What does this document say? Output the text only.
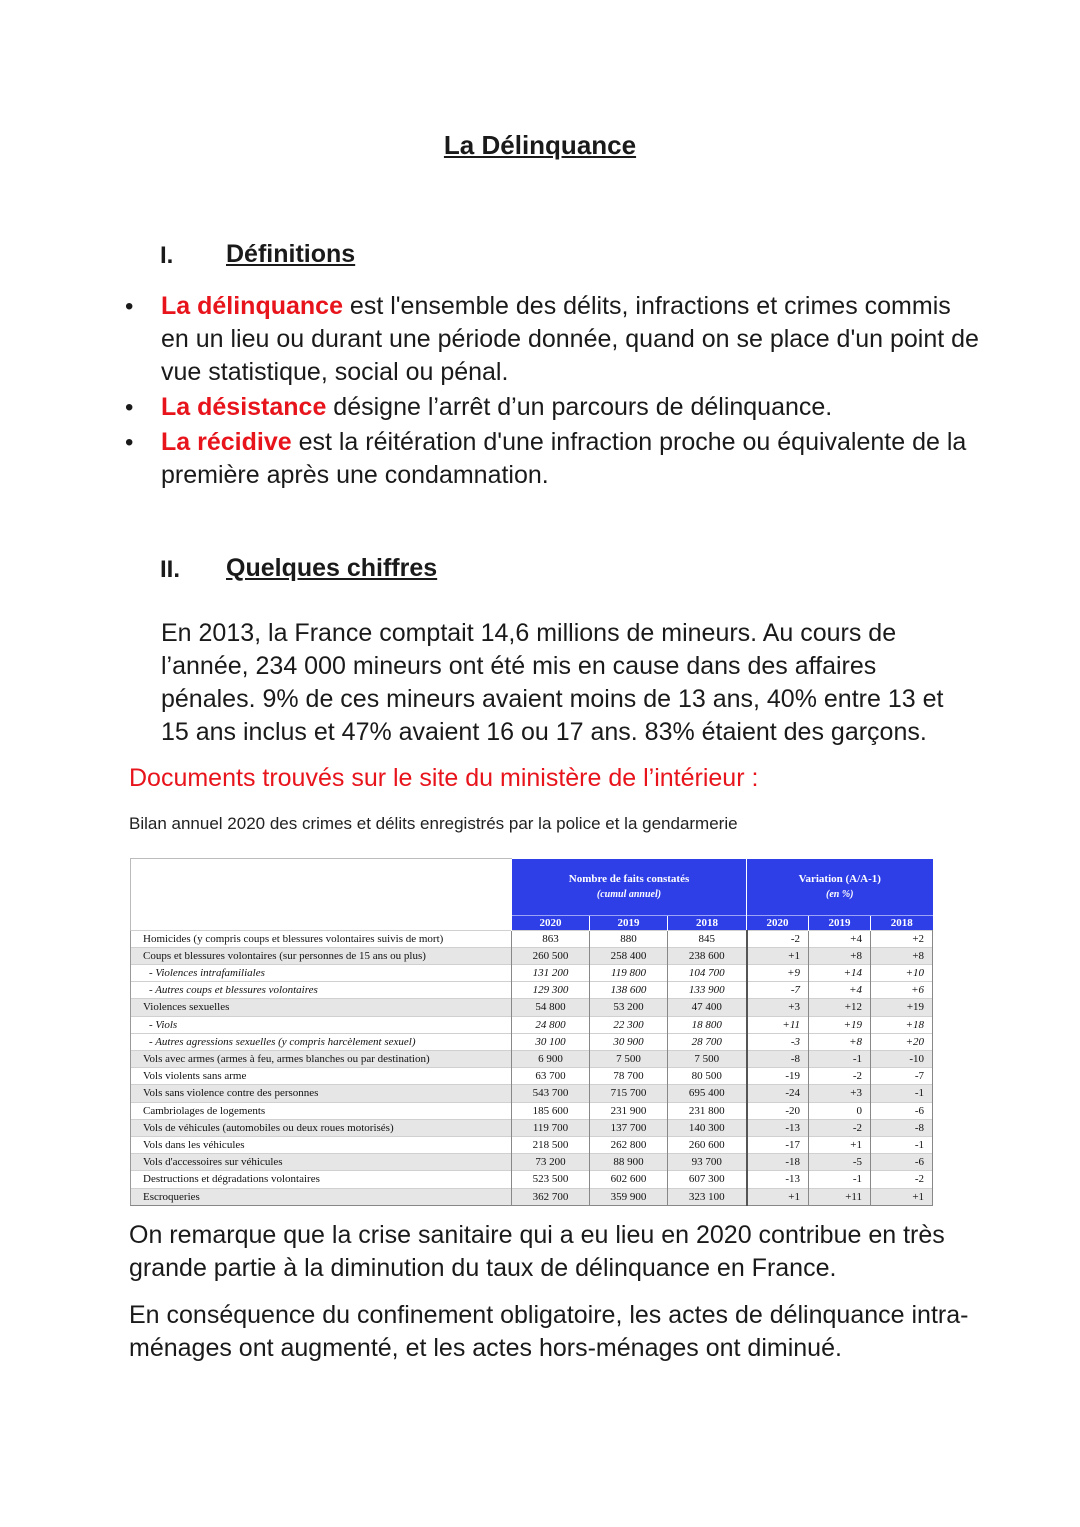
La Délinquance
I. Définitions
• La délinquance est l'ensemble des délits, infractions et crimes commis en un lieu ou durant une période donnée, quand on se place d'un point de vue statistique, social ou pénal.
• La désistance désigne l’arrêt d’un parcours de délinquance.
• La récidive est la réitération d'une infraction proche ou équivalente de la première après une condamnation.
II. Quelques chiffres
En 2013, la France comptait 14,6 millions de mineurs. Au cours de l’année, 234 000 mineurs ont été mis en cause dans des affaires pénales. 9% de ces mineurs avaient moins de 13 ans, 40% entre 13 et 15 ans inclus et 47% avaient 16 ou 17 ans. 83% étaient des garçons.
Documents trouvés sur le site du ministère de l’intérieur :
Bilan annuel 2020 des crimes et délits enregistrés par la police et la gendarmerie
	Nombre de faits constatés
(cumul annuel)			Variation (A/A-1)
(en %)		

	2020	2019	2018	2020	2019	2018
Homicides (y compris coups et blessures volontaires suivis de mort)	863	880	845	-2	+4	+2
Coups et blessures volontaires (sur personnes de 15 ans ou plus)	260 500	258 400	238 600	+1	+8	+8
- Violences intrafamiliales	131 200	119 800	104 700	+9	+14	+10
- Autres coups et blessures volontaires	129 300	138 600	133 900	-7	+4	+6
Violences sexuelles	54 800	53 200	47 400	+3	+12	+19
- Viols	24 800	22 300	18 800	+11	+19	+18
- Autres agressions sexuelles (y compris harcèlement sexuel)	30 100	30 900	28 700	-3	+8	+20
Vols avec armes (armes à feu, armes blanches ou par destination)	6 900	7 500	7 500	-8	-1	-10
Vols violents sans arme	63 700	78 700	80 500	-19	-2	-7
Vols sans violence contre des personnes	543 700	715 700	695 400	-24	+3	-1
Cambriolages de logements	185 600	231 900	231 800	-20	0	-6
Vols de véhicules (automobiles ou deux roues motorisés)	119 700	137 700	140 300	-13	-2	-8
Vols dans les véhicules	218 500	262 800	260 600	-17	+1	-1
Vols d'accessoires sur véhicules	73 200	88 900	93 700	-18	-5	-6
Destructions et dégradations volontaires	523 500	602 600	607 300	-13	-1	-2
Escroqueries	362 700	359 900	323 100	+1	+11	+1
On remarque que la crise sanitaire qui a eu lieu en 2020 contribue en très grande partie à la diminution du taux de délinquance en France.
En conséquence du confinement obligatoire, les actes de délinquance intra-ménages ont augmenté, et les actes hors-ménages ont diminué.
